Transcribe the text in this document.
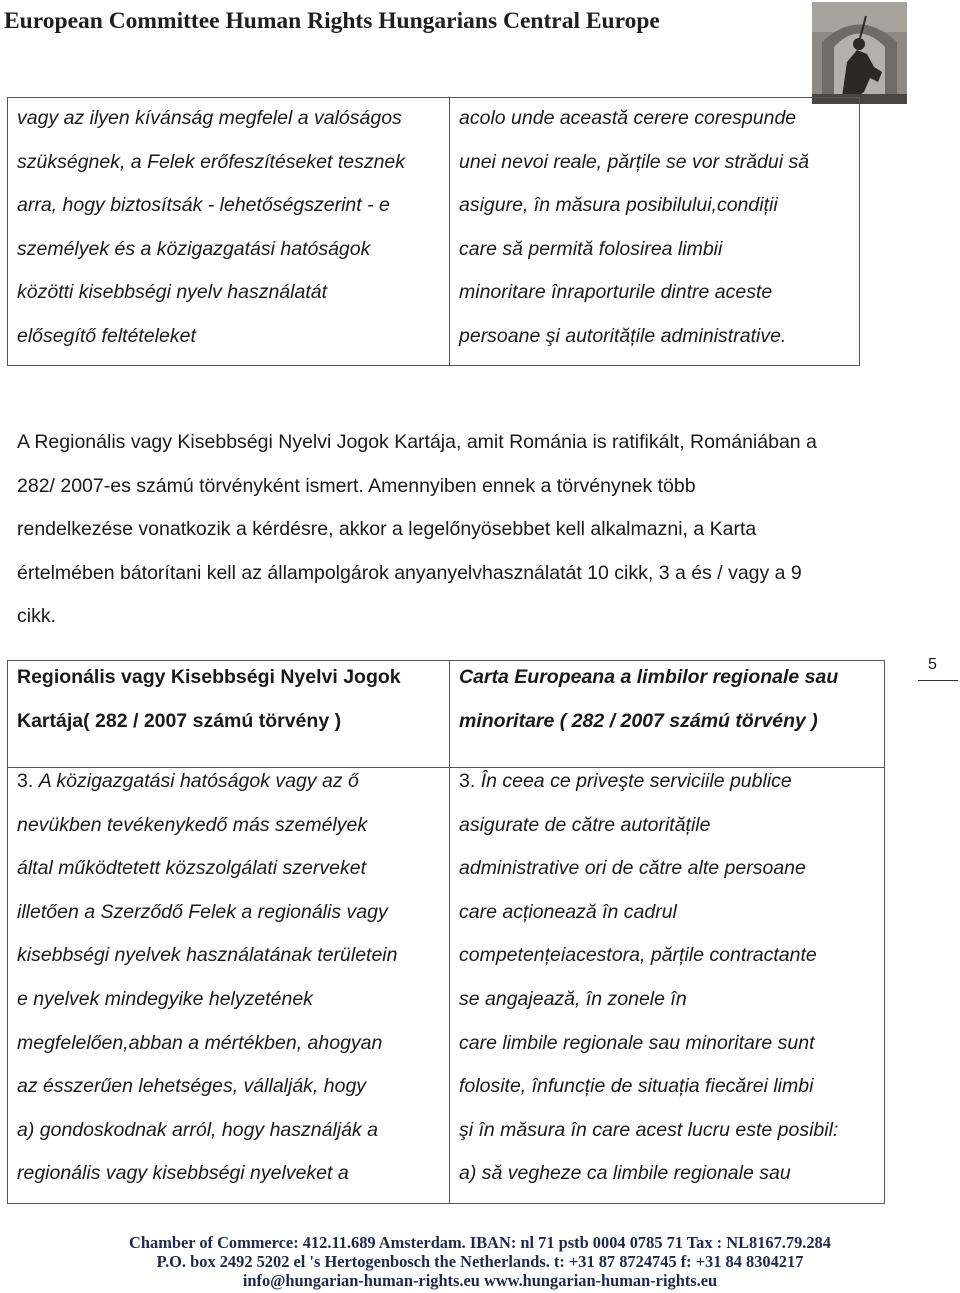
European Committee Human Rights Hungarians Central Europe
vagy az ilyen kívánság megfelel a valóságos
szükségnek, a Felek erőfeszítéseket tesznek
arra, hogy biztosítsák - lehetőségszerint - e
személyek és a közigazgatási hatóságok
közötti kisebbségi nyelv használatát
elősegítő feltételeket
acolo unde această cerere corespunde
unei nevoi reale, părțile se vor strădui să
asigure, în măsura posibilului,condiții
care să permită folosirea limbii
minoritare înraporturile dintre aceste
persoane şi autoritățile administrative.
A Regionális vagy Kisebbségi Nyelvi Jogok Kartája, amit Románia is ratifikált, Romániában a
282/ 2007-es számú törvényként ismert. Amennyiben ennek a törvénynek több
rendelkezése vonatkozik a kérdésre, akkor a legelőnyösebbet kell alkalmazni, a Karta
értelmében bátorítani kell az állampolgárok anyanyelvhasználatát 10 cikk, 3 a és / vagy a 9
cikk.
5
Regionális vagy Kisebbségi Nyelvi Jogok
Kartája( 282 / 2007 számú törvény )
Carta Europeana a limbilor regionale sau
minoritare ( 282 / 2007 számú törvény )
3. A közigazgatási hatóságok vagy az ő
nevükben tevékenykedő más személyek
által működtetett közszolgálati szerveket
illetően a Szerződő Felek a regionális vagy
kisebbségi nyelvek használatának területein
e nyelvek mindegyike helyzetének
megfelelően,abban a mértékben, ahogyan
az ésszerűen lehetséges, vállalják, hogy
a) gondoskodnak arról, hogy használják a
regionális vagy kisebbségi nyelveket a
3. În ceea ce priveşte serviciile publice
asigurate de către autoritățile
administrative ori de către alte persoane
care acționează în cadrul
competențeiacestora, părțile contractante
se angajează, în zonele în
care limbile regionale sau minoritare sunt
folosite, înfuncție de situația fiecărei limbi
şi în măsura în care acest lucru este posibil:
a) să vegheze ca limbile regionale sau
Chamber of Commerce: 412.11.689 Amsterdam. IBAN: nl 71 pstb 0004 0785 71 Tax : NL8167.79.284
P.O. box 2492 5202 el 's Hertogenbosch the Netherlands. t: +31 87 8724745 f: +31 84 8304217
info@hungarian-human-rights.eu www.hungarian-human-rights.eu
